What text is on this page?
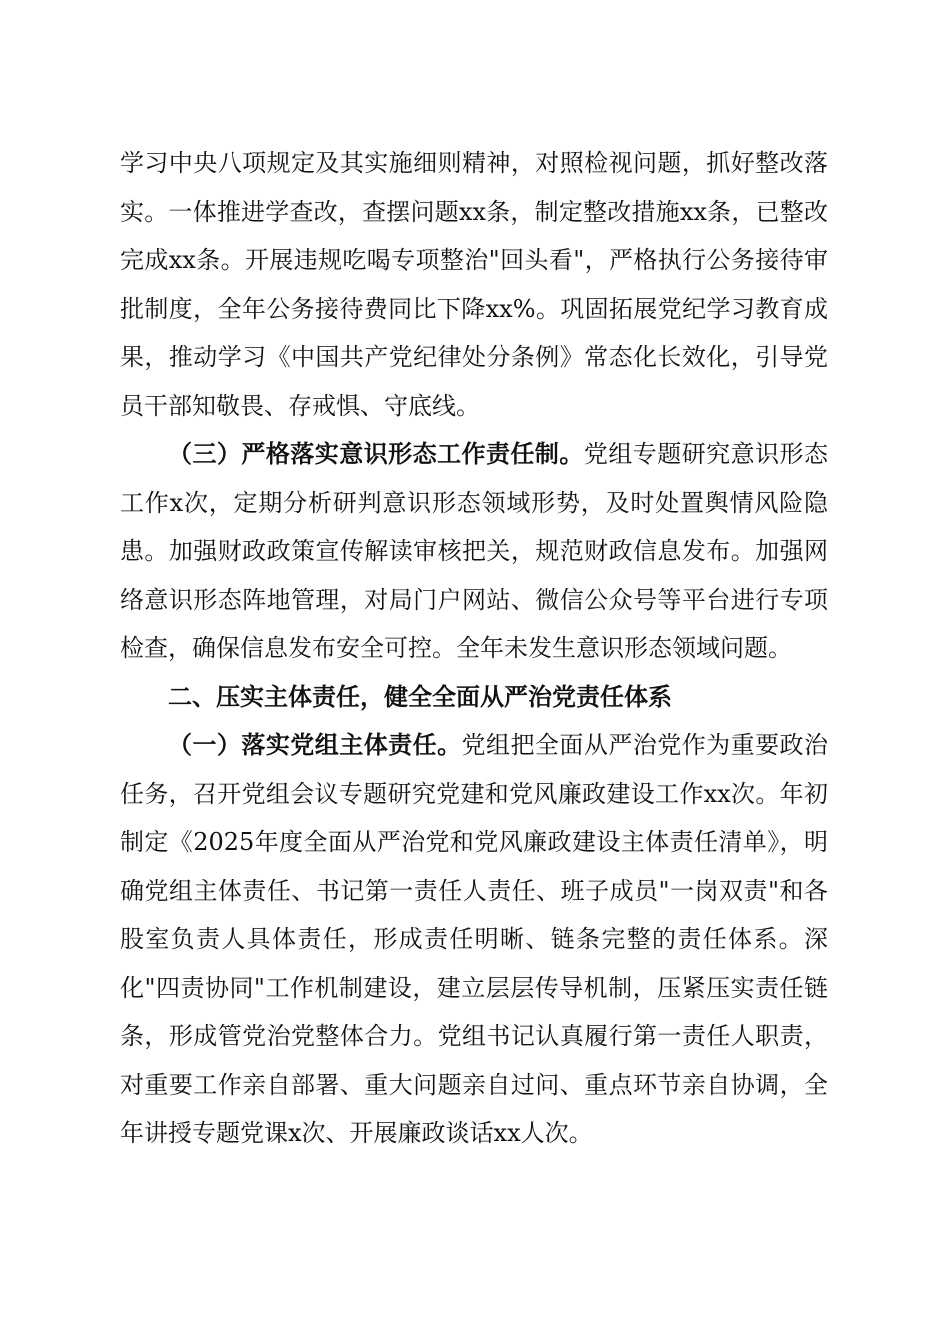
学习中央八项规定及其实施细则精神，对照检视问题，抓好整改落实。一体推进学查改，查摆问题xx条，制定整改措施xx条，已整改完成xx条。开展违规吃喝专项整治"回头看"，严格执行公务接待审批制度，全年公务接待费同比下降xx%。巩固拓展党纪学习教育成果，推动学习《中国共产党纪律处分条例》常态化长效化，引导党员干部知敬畏、存戒惧、守底线。

（三）严格落实意识形态工作责任制。党组专题研究意识形态工作x次，定期分析研判意识形态领域形势，及时处置舆情风险隐患。加强财政政策宣传解读审核把关，规范财政信息发布。加强网络意识形态阵地管理，对局门户网站、微信公众号等平台进行专项检查，确保信息发布安全可控。全年未发生意识形态领域问题。

二、压实主体责任，健全全面从严治党责任体系

（一）落实党组主体责任。党组把全面从严治党作为重要政治任务，召开党组会议专题研究党建和党风廉政建设工作xx次。年初制定《2025年度全面从严治党和党风廉政建设主体责任清单》，明确党组主体责任、书记第一责任人责任、班子成员"一岗双责"和各股室负责人具体责任，形成责任明晰、链条完整的责任体系。深化"四责协同"工作机制建设，建立层层传导机制，压紧压实责任链条，形成管党治党整体合力。党组书记认真履行第一责任人职责，对重要工作亲自部署、重大问题亲自过问、重点环节亲自协调，全年讲授专题党课x次、开展廉政谈话xx人次。
